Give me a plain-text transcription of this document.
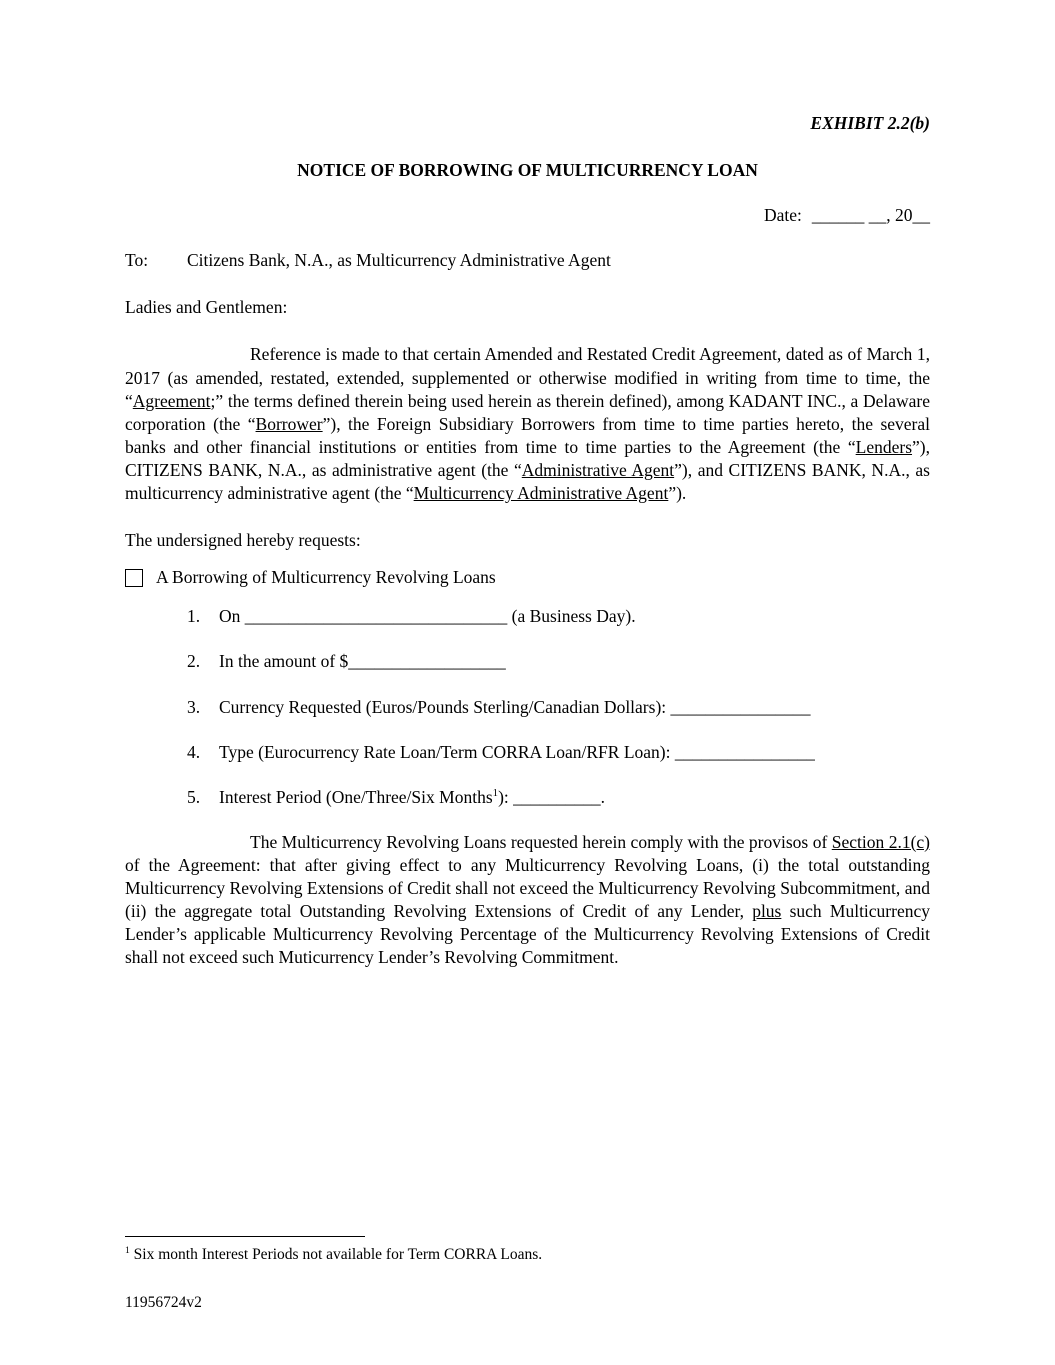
EXHIBIT 2.2(b)
NOTICE OF BORROWING OF MULTICURRENCY LOAN
Date: ______ __, 20__
To: Citizens Bank, N.A., as Multicurrency Administrative Agent
Ladies and Gentlemen:
Reference is made to that certain Amended and Restated Credit Agreement, dated as of March 1, 2017 (as amended, restated, extended, supplemented or otherwise modified in writing from time to time, the “Agreement;” the terms defined therein being used herein as therein defined), among KADANT INC., a Delaware corporation (the “Borrower”), the Foreign Subsidiary Borrowers from time to time parties hereto, the several banks and other financial institutions or entities from time to time parties to the Agreement (the “Lenders”), CITIZENS BANK, N.A., as administrative agent (the “Administrative Agent”), and CITIZENS BANK, N.A., as multicurrency administrative agent (the “Multicurrency Administrative Agent”).
The undersigned hereby requests:
A Borrowing of Multicurrency Revolving Loans
1.	On ______________________________ (a Business Day).
2.	In the amount of $__________________
3.	Currency Requested (Euros/Pounds Sterling/Canadian Dollars): ________________
4.	Type (Eurocurrency Rate Loan/Term CORRA Loan/RFR Loan): ________________
5.	Interest Period (One/Three/Six Months$^1$): __________.
The Multicurrency Revolving Loans requested herein comply with the provisos of Section 2.1(c) of the Agreement: that after giving effect to any Multicurrency Revolving Loans, (i) the total outstanding Multicurrency Revolving Extensions of Credit shall not exceed the Multicurrency Revolving Subcommitment, and (ii) the aggregate total Outstanding Revolving Extensions of Credit of any Lender, plus such Multicurrency Lender’s applicable Multicurrency Revolving Percentage of the Multicurrency Revolving Extensions of Credit shall not exceed such Muticurrency Lender’s Revolving Commitment.
$^1$ Six month Interest Periods not available for Term CORRA Loans.
11956724v2
